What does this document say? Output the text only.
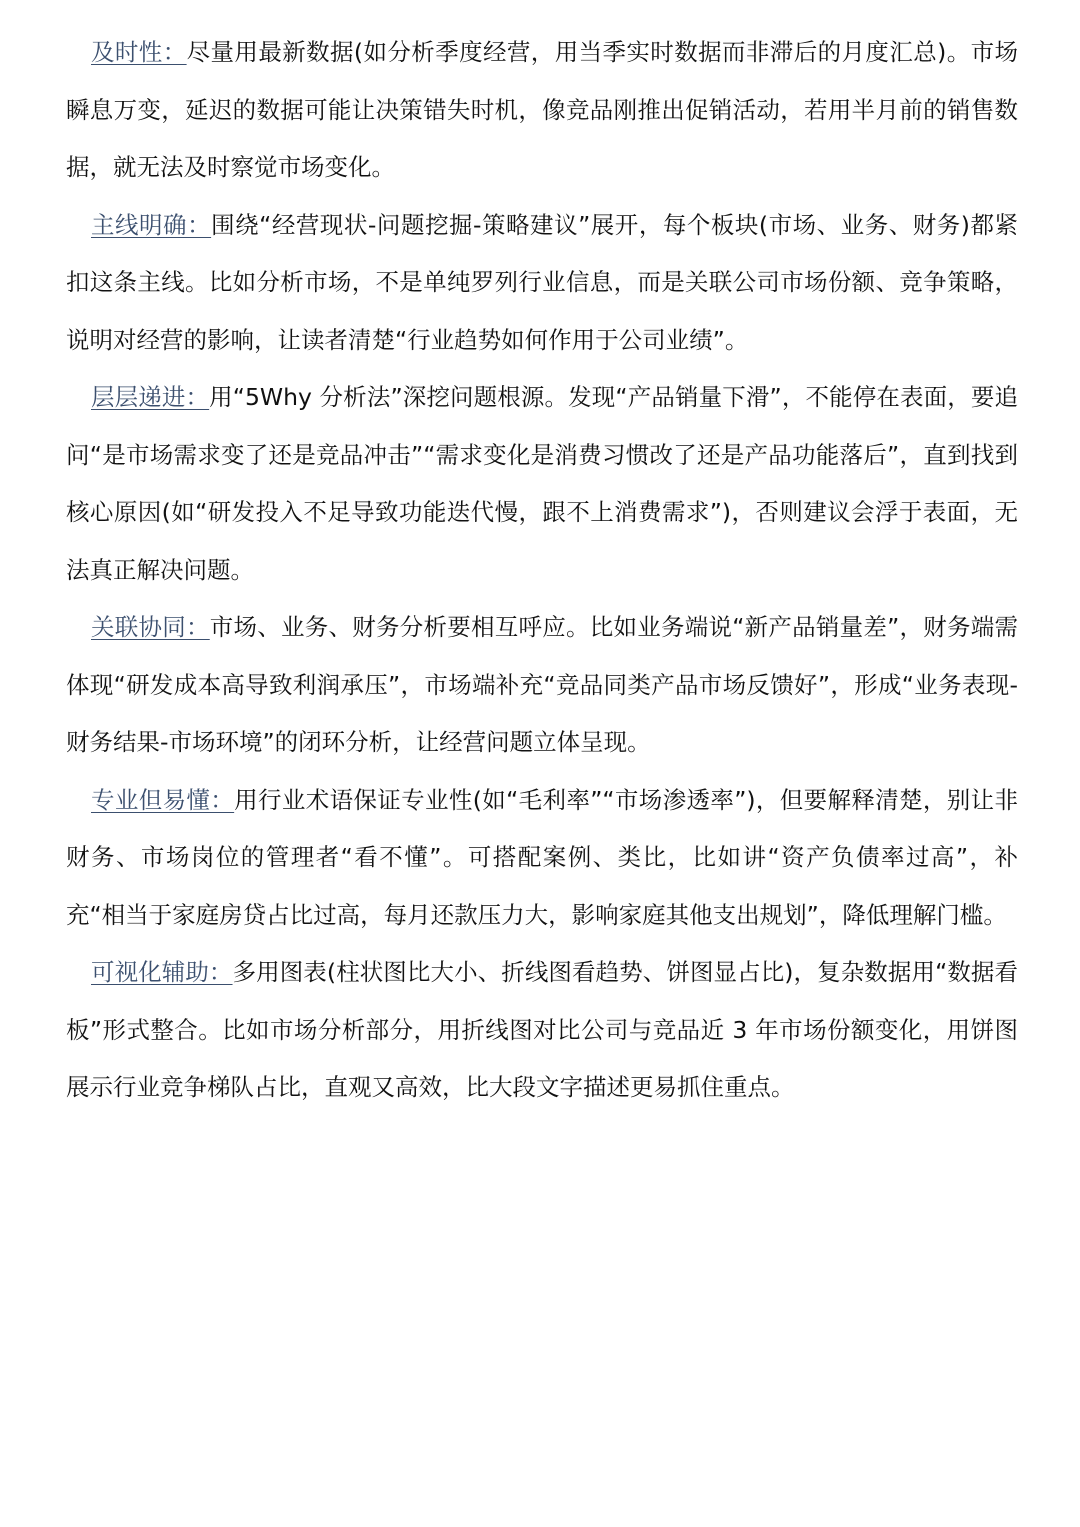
及时性：尽量用最新数据(如分析季度经营，用当季实时数据而非滞后的月度汇总)。市场瞬息万变，延迟的数据可能让决策错失时机，像竞品刚推出促销活动，若用半月前的销售数据，就无法及时察觉市场变化。

主线明确：围绕“经营现状-问题挖掘-策略建议”展开，每个板块(市场、业务、财务)都紧扣这条主线。比如分析市场，不是单纯罗列行业信息，而是关联公司市场份额、竞争策略，说明对经营的影响，让读者清楚“行业趋势如何作用于公司业绩”。

层层递进：用“5Why 分析法”深挖问题根源。发现“产品销量下滑”，不能停在表面，要追问“是市场需求变了还是竞品冲击”“需求变化是消费习惯改了还是产品功能落后”，直到找到核心原因(如“研发投入不足导致功能迭代慢，跟不上消费需求”)，否则建议会浮于表面，无法真正解决问题。

关联协同：市场、业务、财务分析要相互呼应。比如业务端说“新产品销量差”，财务端需体现“研发成本高导致利润承压”，市场端补充“竞品同类产品市场反馈好”，形成“业务表现-财务结果-市场环境”的闭环分析，让经营问题立体呈现。

专业但易懂：用行业术语保证专业性(如“毛利率”“市场渗透率”)，但要解释清楚，别让非财务、市场岗位的管理者“看不懂”。可搭配案例、类比，比如讲“资产负债率过高”，补充“相当于家庭房贷占比过高，每月还款压力大，影响家庭其他支出规划”，降低理解门槛。

可视化辅助：多用图表(柱状图比大小、折线图看趋势、饼图显占比)，复杂数据用“数据看板”形式整合。比如市场分析部分，用折线图对比公司与竞品近 3 年市场份额变化，用饼图展示行业竞争梯队占比，直观又高效，比大段文字描述更易抓住重点。
